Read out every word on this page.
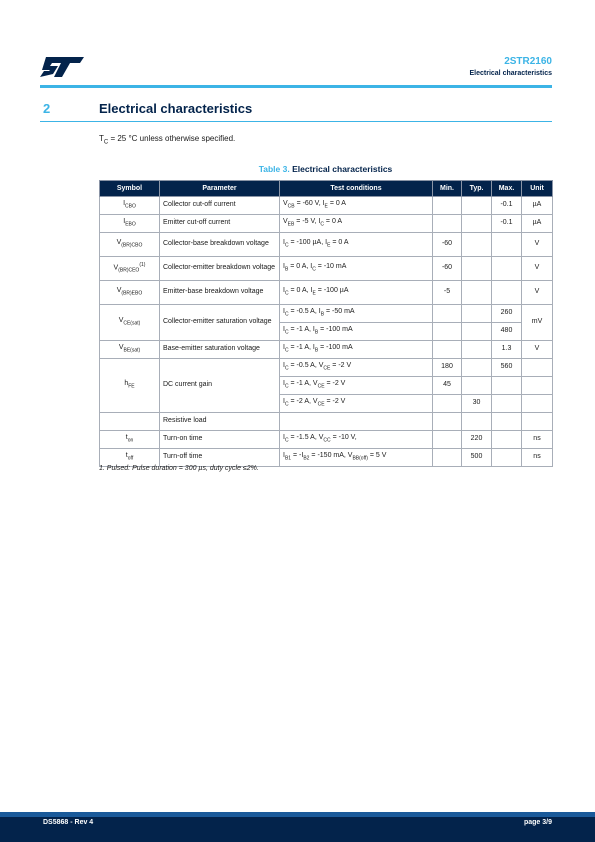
2STR2160
Electrical characteristics
2	Electrical characteristics
$T_C = 25$ °C unless otherwise specified.
Table 3. Electrical characteristics
Symbol	Parameter	Test conditions	Min.	Typ.	Max.	Unit
$I_{CBO}$	Collector cut-off current	$V_{CB} = -60$ V, $I_E = 0$ A			-0.1	µA
$I_{EBO}$	Emitter cut-off current	$V_{EB} = -5$ V, $I_C = 0$ A			-0.1	µA
$V_{(BR)CBO}$	Collector-base breakdown voltage	$I_C = -100$ µA, $I_E = 0$ A	-60			V
$V_{(BR)CEO}^{(1)}$	Collector-emitter breakdown voltage	$I_B = 0$ A, $I_C = -10$ mA	-60			V
$V_{(BR)EBO}$	Emitter-base breakdown voltage	$I_C = 0$ A, $I_E = -100$ µA	-5			V
$V_{CE(sat)}$	Collector-emitter saturation voltage	$I_C = -0.5$ A, $I_B = -50$ mA			260	mV
		$I_C = -1$ A, $I_B = -100$ mA			480	
$V_{BE(sat)}$	Base-emitter saturation voltage	$I_C = -1$ A, $I_B = -100$ mA			1.3	V
$h_{FE}$	DC current gain	$I_C = -0.5$ A, $V_{CE} = -2$ V	180		560	
		$I_C = -1$ A, $V_{CE} = -2$ V	45			
		$I_C = -2$ A, $V_{CE} = -2$ V		30		
	Resistive load					
$t_{on}$	Turn-on time	$I_C = -1.5$ A, $V_{CC} = -10$ V,		220		ns
$t_{off}$	Turn-off time	$I_{B1} = -I_{B2} = -150$ mA, $V_{BB(off)} = 5$ V		500		ns
1. Pulsed: Pulse duration = 300 µs, duty cycle ≤2%.
DS5868 - Rev 4	page 3/9
